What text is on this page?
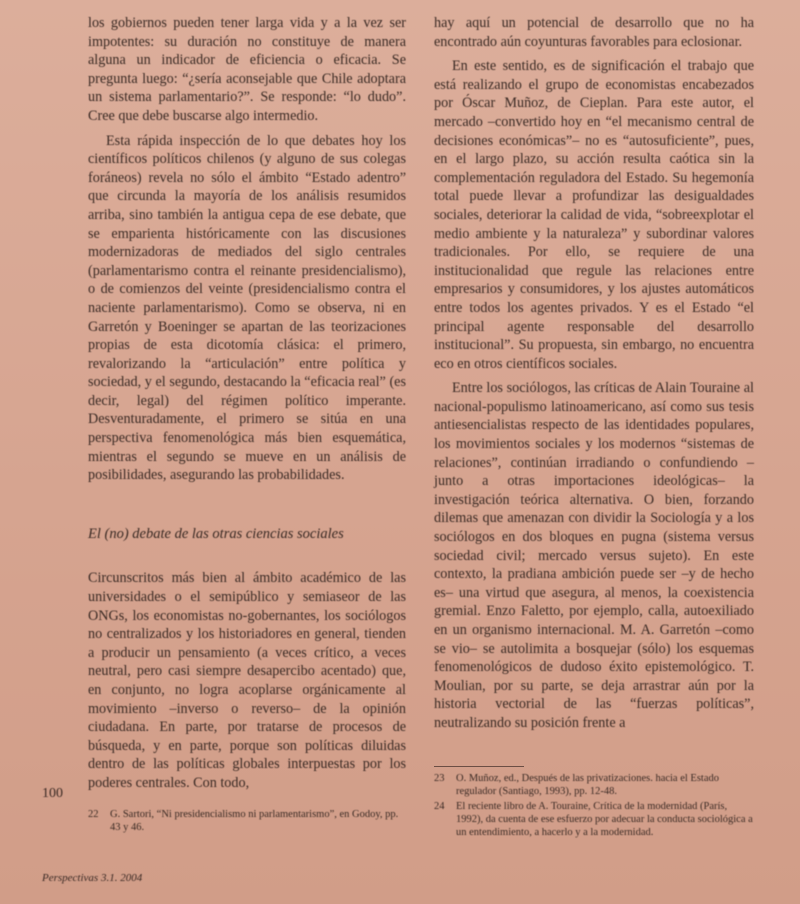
los gobiernos pueden tener larga vida y a la vez ser impotentes: su duración no constituye de manera alguna un indicador de eficiencia o eficacia. Se pregunta luego: “¿sería aconsejable que Chile adoptara un sistema parlamentario?”. Se responde: “lo dudo”. Cree que debe buscarse algo intermedio.

Esta rápida inspección de lo que debates hoy los científicos políticos chilenos (y alguno de sus colegas foráneos) revela no sólo el ámbito “Estado adentro” que circunda la mayoría de los análisis resumidos arriba, sino también la antigua cepa de ese debate, que se emparienta históricamente con las discusiones modernizadoras de mediados del siglo centrales (parlamentarismo contra el reinante presidencialismo), o de comienzos del veinte (presidencialismo contra el naciente parlamentarismo). Como se observa, ni en Garretón y Boeninger se apartan de las teorizaciones propias de esta dicotomía clásica: el primero, revalorizando la “articulación” entre política y sociedad, y el segundo, destacando la “eficacia real” (es decir, legal) del régimen político imperante. Desventuradamente, el primero se sitúa en una perspectiva fenomenológica más bien esquemática, mientras el segundo se mueve en un análisis de posibilidades, asegurando las probabilidades.

El (no) debate de las otras ciencias sociales

Circunscritos más bien al ámbito académico de las universidades o el semipúblico y semiaseor de las ONGs, los economistas no-gobernantes, los sociólogos no centralizados y los historiadores en general, tienden a producir un pensamiento (a veces crítico, a veces neutral, pero casi siempre desapercibo acentado) que, en conjunto, no logra acoplarse orgánicamente al movimiento –inverso o reverso– de la opinión ciudadana. En parte, por tratarse de procesos de búsqueda, y en parte, porque son políticas diluidas dentro de las políticas globales interpuestas por los poderes centrales. Con todo,

hay aquí un potencial de desarrollo que no ha encontrado aún coyunturas favorables para eclosionar.

En este sentido, es de significación el trabajo que está realizando el grupo de economistas encabezados por Óscar Muñoz, de Cieplan. Para este autor, el mercado –convertido hoy en “el mecanismo central de decisiones económicas”– no es “autosuficiente”, pues, en el largo plazo, su acción resulta caótica sin la complementación reguladora del Estado. Su hegemonía total puede llevar a profundizar las desigualdades sociales, deteriorar la calidad de vida, “sobreexplotar el medio ambiente y la naturaleza” y subordinar valores tradicionales. Por ello, se requiere de una institucionalidad que regule las relaciones entre empresarios y consumidores, y los ajustes automáticos entre todos los agentes privados. Y es el Estado “el principal agente responsable del desarrollo institucional”. Su propuesta, sin embargo, no encuentra eco en otros científicos sociales.

Entre los sociólogos, las críticas de Alain Touraine al nacional-populismo latinoamericano, así como sus tesis antiesencialistas respecto de las identidades populares, los movimientos sociales y los modernos “sistemas de relaciones”, continúan irradiando o confundiendo –junto a otras importaciones ideológicas– la investigación teórica alternativa. O bien, forzando dilemas que amenazan con dividir la Sociología y a los sociólogos en dos bloques en pugna (sistema versus sociedad civil; mercado versus sujeto). En este contexto, la pradiana ambición puede ser –y de hecho es– una virtud que asegura, al menos, la coexistencia gremial. Enzo Faletto, por ejemplo, calla, autoexiliado en un organismo internacional. M. A. Garretón –como se vio– se autolimita a bosquejar (sólo) los esquemas fenomenológicos de dudoso éxito epistemológico. T. Moulian, por su parte, se deja arrastrar aún por la historia vectorial de las “fuerzas políticas”, neutralizando su posición frente a

100
22	G. Sartori, “Ni presidencialismo ni parlamentarismo”, en Godoy, pp. 43 y 46.
23	O. Muñoz, ed., Después de las privatizaciones. hacia el Estado regulador (Santiago, 1993), pp. 12-48.
24	El reciente libro de A. Touraine, Crítica de la modernidad (París, 1992), da cuenta de ese esfuerzo por adecuar la conducta sociológica a un entendimiento, a hacerlo y a la modernidad.
Perspectivas 3.1. 2004
